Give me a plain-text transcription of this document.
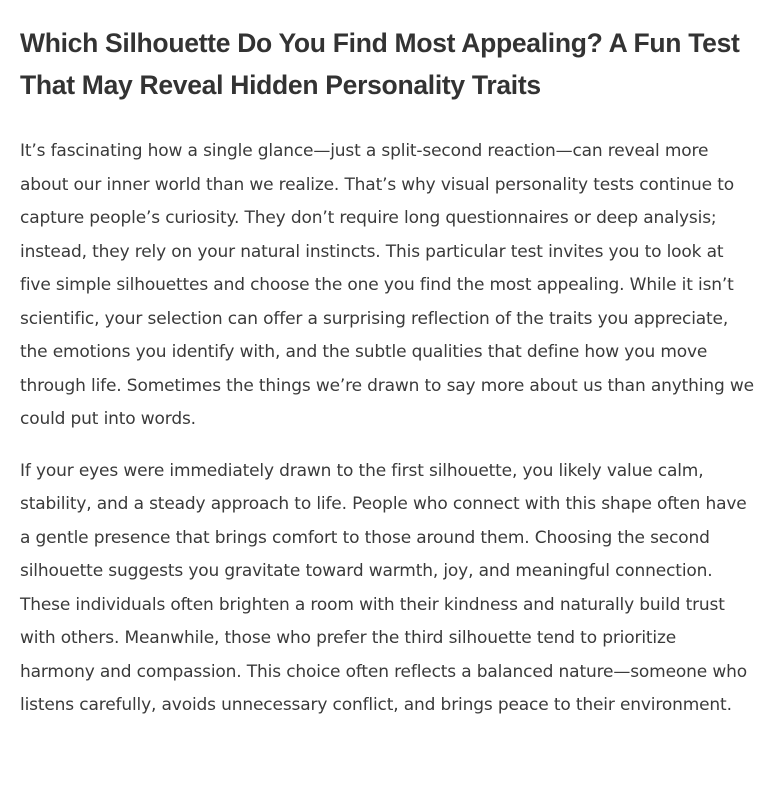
Which Silhouette Do You Find Most Appealing? A Fun Test That May Reveal Hidden Personality Traits

It’s fascinating how a single glance—just a split-second reaction—can reveal more about our inner world than we realize. That’s why visual personality tests continue to capture people’s curiosity. They don’t require long questionnaires or deep analysis; instead, they rely on your natural instincts. This particular test invites you to look at five simple silhouettes and choose the one you find the most appealing. While it isn’t scientific, your selection can offer a surprising reflection of the traits you appreciate, the emotions you identify with, and the subtle qualities that define how you move through life. Sometimes the things we’re drawn to say more about us than anything we could put into words.

If your eyes were immediately drawn to the first silhouette, you likely value calm, stability, and a steady approach to life. People who connect with this shape often have a gentle presence that brings comfort to those around them. Choosing the second silhouette suggests you gravitate toward warmth, joy, and meaningful connection. These individuals often brighten a room with their kindness and naturally build trust with others. Meanwhile, those who prefer the third silhouette tend to prioritize harmony and compassion. This choice often reflects a balanced nature—someone who listens carefully, avoids unnecessary conflict, and brings peace to their environment.
